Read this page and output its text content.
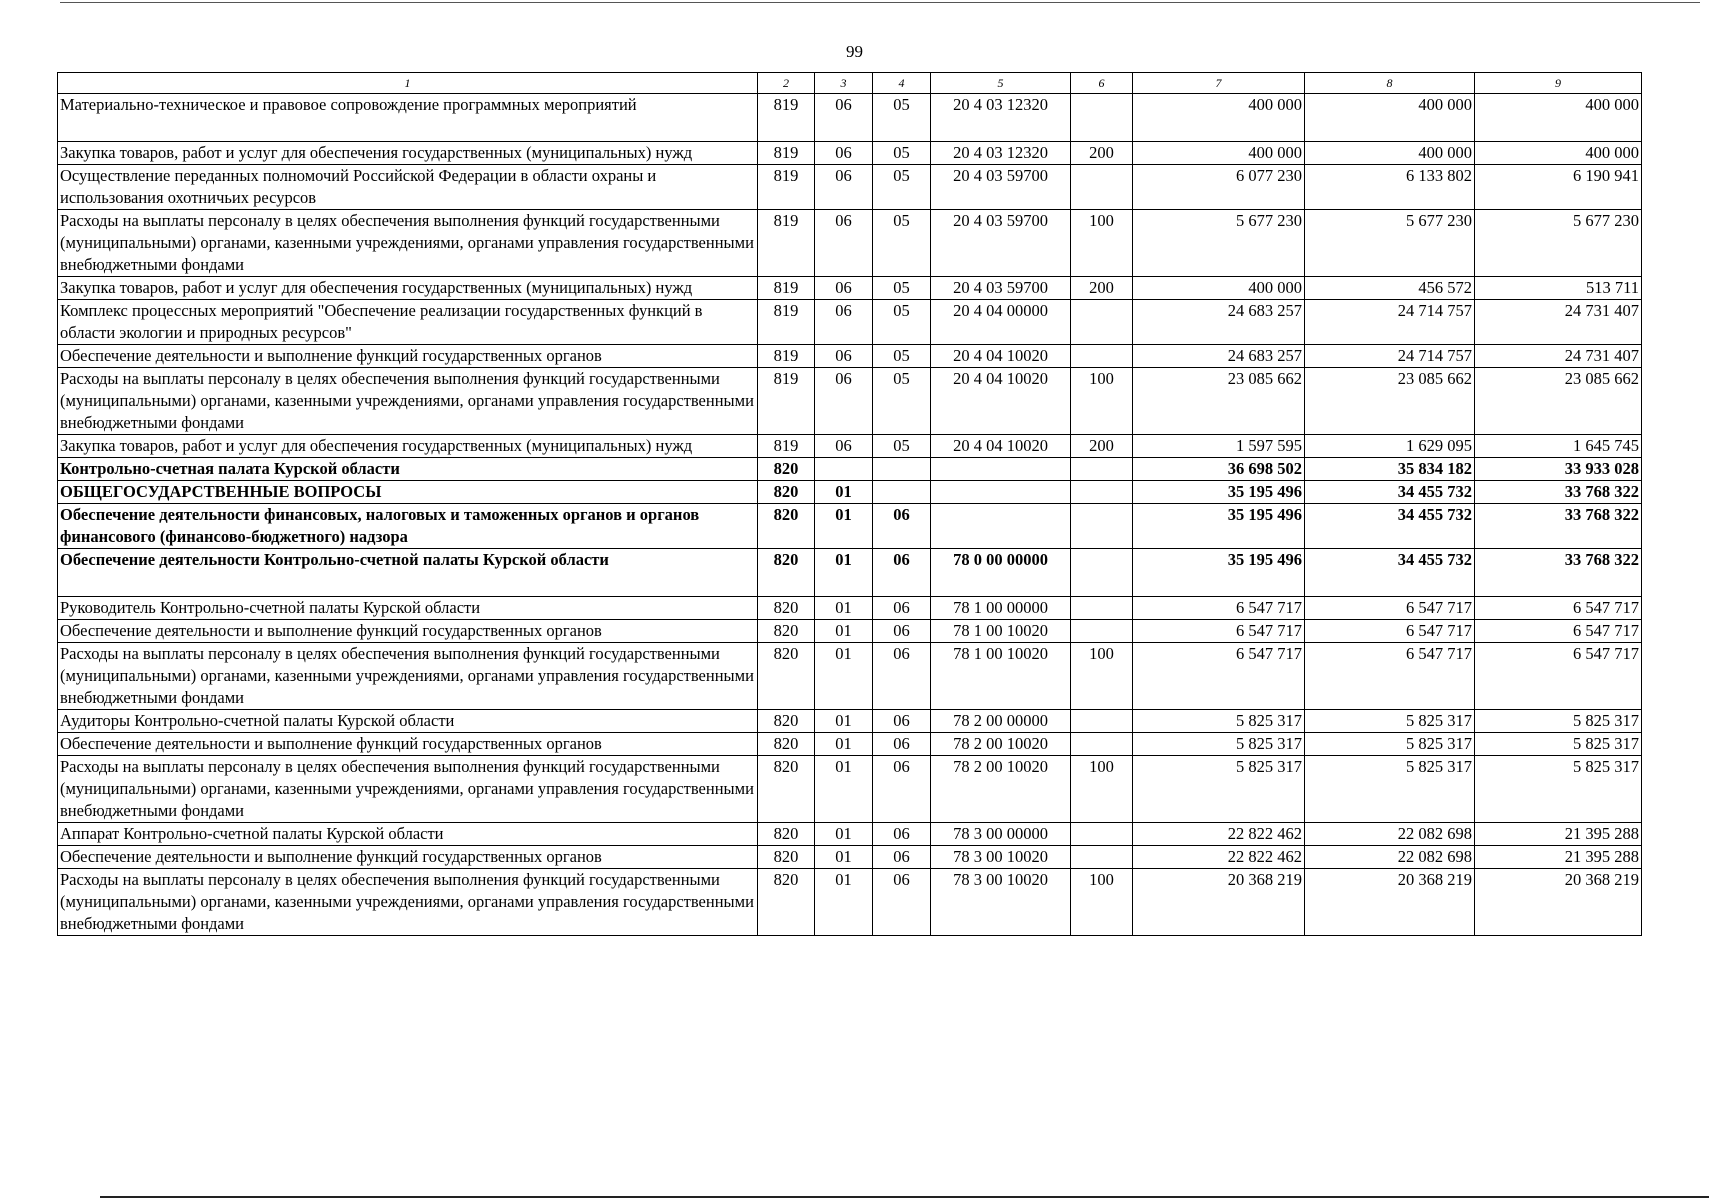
99
1	2	3	4	5	6	7	8	9
Материально-техническое и правовое сопровождение программных мероприятий	819	06	05	20 4 03 12320		400 000	400 000	400 000
Закупка товаров, работ и услуг для обеспечения государственных (муниципальных) нужд	819	06	05	20 4 03 12320	200	400 000	400 000	400 000
Осуществление переданных полномочий Российской Федерации в области охраны и использования охотничьих ресурсов	819	06	05	20 4 03 59700		6 077 230	6 133 802	6 190 941
Расходы на выплаты персоналу в целях обеспечения выполнения функций государственными (муниципальными) органами, казенными учреждениями, органами управления государственными внебюджетными фондами	819	06	05	20 4 03 59700	100	5 677 230	5 677 230	5 677 230
Закупка товаров, работ и услуг для обеспечения государственных (муниципальных) нужд	819	06	05	20 4 03 59700	200	400 000	456 572	513 711
Комплекс процессных мероприятий "Обеспечение реализации государственных функций в области экологии и природных ресурсов"	819	06	05	20 4 04 00000		24 683 257	24 714 757	24 731 407
Обеспечение деятельности и выполнение функций государственных органов	819	06	05	20 4 04 10020		24 683 257	24 714 757	24 731 407
Расходы на выплаты персоналу в целях обеспечения выполнения функций государственными (муниципальными) органами, казенными учреждениями, органами управления государственными внебюджетными фондами	819	06	05	20 4 04 10020	100	23 085 662	23 085 662	23 085 662
Закупка товаров, работ и услуг для обеспечения государственных (муниципальных) нужд	819	06	05	20 4 04 10020	200	1 597 595	1 629 095	1 645 745
Контрольно-счетная палата Курской области	820					36 698 502	35 834 182	33 933 028
ОБЩЕГОСУДАРСТВЕННЫЕ ВОПРОСЫ	820	01				35 195 496	34 455 732	33 768 322
Обеспечение деятельности финансовых, налоговых и таможенных органов и органов финансового (финансово-бюджетного) надзора	820	01	06			35 195 496	34 455 732	33 768 322
Обеспечение деятельности Контрольно-счетной палаты Курской области	820	01	06	78 0 00 00000		35 195 496	34 455 732	33 768 322
Руководитель Контрольно-счетной палаты Курской области	820	01	06	78 1 00 00000		6 547 717	6 547 717	6 547 717
Обеспечение деятельности и выполнение функций государственных органов	820	01	06	78 1 00 10020		6 547 717	6 547 717	6 547 717
Расходы на выплаты персоналу в целях обеспечения выполнения функций государственными (муниципальными) органами, казенными учреждениями, органами управления государственными внебюджетными фондами	820	01	06	78 1 00 10020	100	6 547 717	6 547 717	6 547 717
Аудиторы Контрольно-счетной палаты Курской области	820	01	06	78 2 00 00000		5 825 317	5 825 317	5 825 317
Обеспечение деятельности и выполнение функций государственных органов	820	01	06	78 2 00 10020		5 825 317	5 825 317	5 825 317
Расходы на выплаты персоналу в целях обеспечения выполнения функций государственными (муниципальными) органами, казенными учреждениями, органами управления государственными внебюджетными фондами	820	01	06	78 2 00 10020	100	5 825 317	5 825 317	5 825 317
Аппарат Контрольно-счетной палаты Курской области	820	01	06	78 3 00 00000		22 822 462	22 082 698	21 395 288
Обеспечение деятельности и выполнение функций государственных органов	820	01	06	78 3 00 10020		22 822 462	22 082 698	21 395 288
Расходы на выплаты персоналу в целях обеспечения выполнения функций государственными (муниципальными) органами, казенными учреждениями, органами управления государственными внебюджетными фондами	820	01	06	78 3 00 10020	100	20 368 219	20 368 219	20 368 219
